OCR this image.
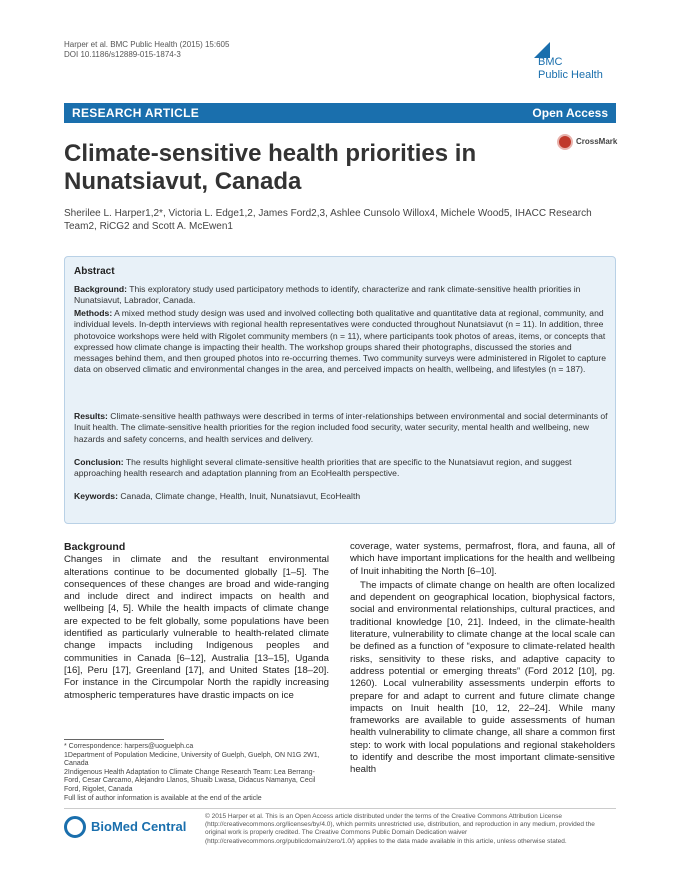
Harper et al. BMC Public Health (2015) 15:605
DOI 10.1186/s12889-015-1874-3
BMC
Public Health
RESEARCH ARTICLE	Open Access
CrossMark
Climate-sensitive health priorities in Nunatsiavut, Canada
Sherilee L. Harper1,2*, Victoria L. Edge1,2, James Ford2,3, Ashlee Cunsolo Willox4, Michele Wood5, IHACC Research Team2, RiCG2 and Scott A. McEwen1
Abstract

Background: This exploratory study used participatory methods to identify, characterize and rank climate-sensitive health priorities in Nunatsiavut, Labrador, Canada.

Methods: A mixed method study design was used and involved collecting both qualitative and quantitative data at regional, community, and individual levels. In-depth interviews with regional health representatives were conducted throughout Nunatsiavut (n = 11). In addition, three photovoice workshops were held with Rigolet community members (n = 11), where participants took photos of areas, items, or concepts that expressed how climate change is impacting their health. The workshop groups shared their photographs, discussed the stories and messages behind them, and then grouped photos into re-occurring themes. Two community surveys were administered in Rigolet to capture data on observed climatic and environmental changes in the area, and perceived impacts on health, wellbeing, and lifestyles (n = 187).

Results: Climate-sensitive health pathways were described in terms of inter-relationships between environmental and social determinants of Inuit health. The climate-sensitive health priorities for the region included food security, water security, mental health and wellbeing, new hazards and safety concerns, and health services and delivery.

Conclusion: The results highlight several climate-sensitive health priorities that are specific to the Nunatsiavut region, and suggest approaching health research and adaptation planning from an EcoHealth perspective.

Keywords: Canada, Climate change, Health, Inuit, Nunatsiavut, EcoHealth

Background

Changes in climate and the resultant environmental alterations continue to be documented globally [1–5]. The consequences of these changes are broad and wide-ranging and include direct and indirect impacts on health and wellbeing [4, 5]. While the health impacts of climate change are expected to be felt globally, some populations have been identified as particularly vulnerable to health-related climate change impacts including Indigenous peoples and communities in Canada [6–12], Australia [13–15], Uganda [16], Peru [17], Greenland [17], and United States [18–20]. For instance in the Circumpolar North the rapidly increasing atmospheric temperatures have drastic impacts on ice

coverage, water systems, permafrost, flora, and fauna, all of which have important implications for the health and wellbeing of Inuit inhabiting the North [6–10].

The impacts of climate change on health are often localized and dependent on geographical location, biophysical factors, social and environmental relationships, cultural practices, and traditional knowledge [10, 21]. Indeed, in the climate-health literature, vulnerability to climate change at the local scale can be defined as a function of “exposure to climate-related health risks, sensitivity to these risks, and adaptive capacity to address potential or emerging threats” (Ford 2012 [10], pg. 1260). Local vulnerability assessments underpin efforts to prepare for and adapt to current and future climate change impacts on Inuit health [10, 12, 22–24]. While many frameworks are available to guide assessments of human health vulnerability to climate change, all share a common first step: to work with local populations and regional stakeholders to identify and describe the most important climate-sensitive health

* Correspondence: harpers@uoguelph.ca
1Department of Population Medicine, University of Guelph, Guelph, ON N1G 2W1, Canada
2Indigenous Health Adaptation to Climate Change Research Team: Lea Berrang-Ford, Cesar Carcamo, Alejandro Llanos, Shuaib Lwasa, Didacus Namanya, Cecil Ford, Rigolet, Canada
Full list of author information is available at the end of the article
BioMed Central
© 2015 Harper et al. This is an Open Access article distributed under the terms of the Creative Commons Attribution License (http://creativecommons.org/licenses/by/4.0), which permits unrestricted use, distribution, and reproduction in any medium, provided the original work is properly credited. The Creative Commons Public Domain Dedication waiver (http://creativecommons.org/publicdomain/zero/1.0/) applies to the data made available in this article, unless otherwise stated.
